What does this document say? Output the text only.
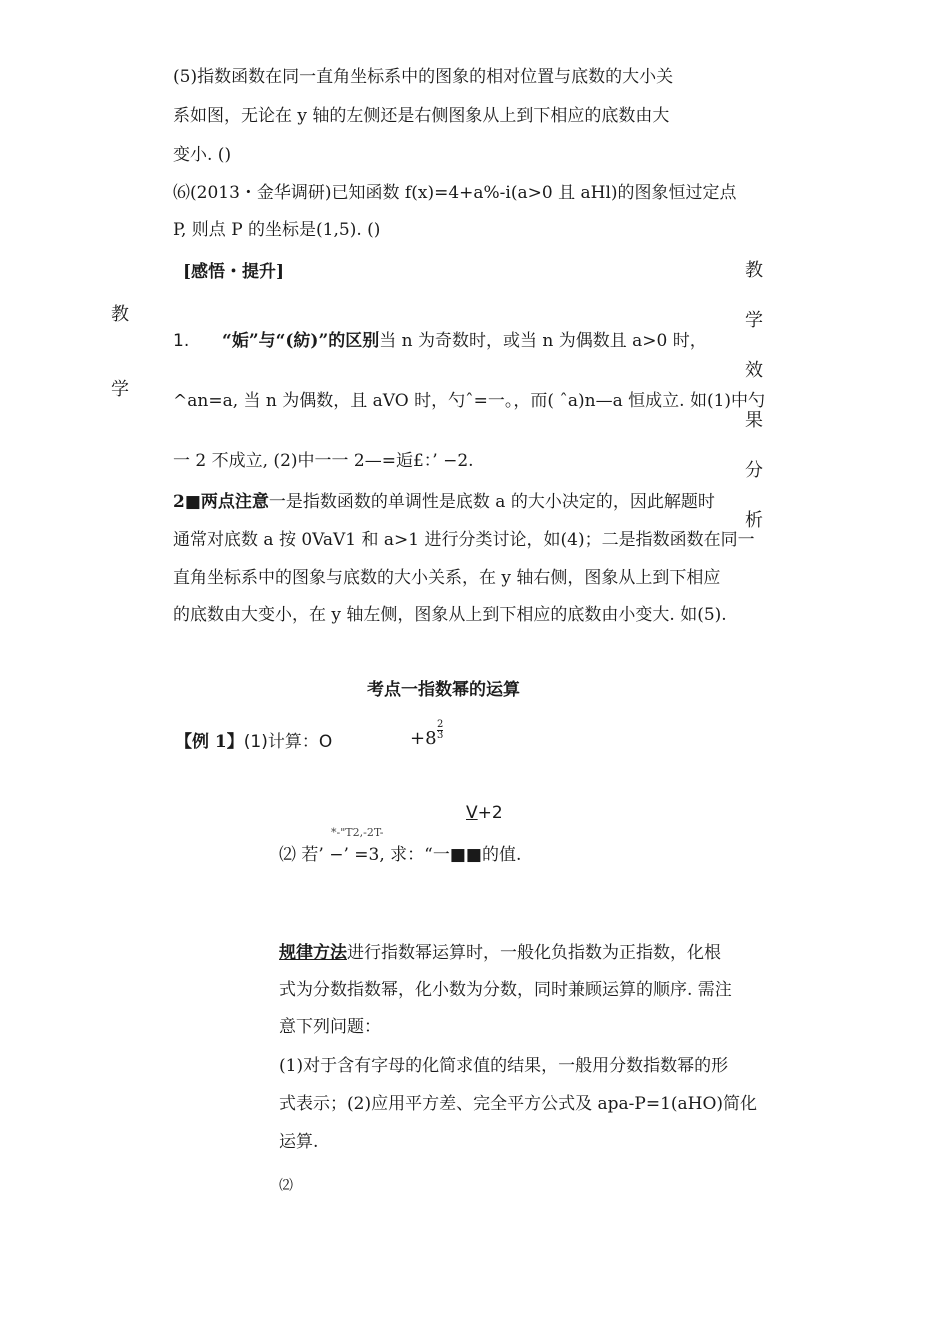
(5)指数函数在同一直角坐标系中的图象的相对位置与底数的大小关
系如图，无论在 y 轴的左侧还是右侧图象从上到下相应的底数由大
变小. ()
⑹(2013・金华调研)已知函数 f(x)=4+a%-i(a>0 且 aHl)的图象恒过定点
P, 则点 P 的坐标是(1,5). ()
[感悟・提升]
教
学
教
学
效
果
分
析
1. “姤”与“(紡)”的区别当 n 为奇数时，或当 n 为偶数且 a>0 时，
^an=a, 当 n 为偶数，且 aVO 时，勺ˆ=一。，而( ˆa)n—a 恒成立. 如(1)中勺
一 2 不成立, (2)中一一 2—=逅£：’ −2.
2■两点注意一是指数函数的单调性是底数 a 的大小决定的，因此解题时
通常对底数 a 按 0VaV1 和 a>1 进行分类讨论，如(4)；二是指数函数在同一
直角坐标系中的图象与底数的大小关系，在 y 轴右侧，图象从上到下相应
的底数由大变小，在 y 轴左侧，图象从上到下相应的底数由小变大. 如(5).
考点一指数幂的运算
【例 1】(1)计算：O	$+8 \frac{2}{3}$
V+2
*-"T2,-2T-
⑵ 若’ −’ =3, 求：“一■■的值.
规律方法进行指数幂运算时，一般化负指数为正指数，化根
式为分数指数幂，化小数为分数，同时兼顾运算的顺序. 需注
意下列问题：
(1)对于含有字母的化简求值的结果，一般用分数指数幂的形
式表示；(2)应用平方差、完全平方公式及 apa-P=1(aHO)简化
运算.
⑵
